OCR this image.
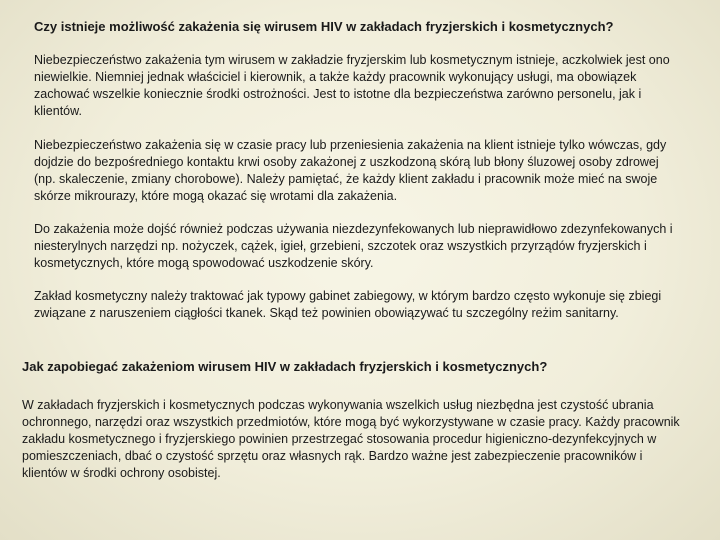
Czy istnieje możliwość zakażenia się wirusem HIV w zakładach fryzjerskich i kosmetycznych?

Niebezpieczeństwo zakażenia tym wirusem w zakładzie fryzjerskim lub kosmetycznym istnieje, aczkolwiek jest ono niewielkie. Niemniej jednak właściciel i kierownik, a także każdy pracownik wykonujący usługi, ma obowiązek zachować wszelkie koniecznie środki ostrożności. Jest to istotne dla bezpieczeństwa zarówno personelu, jak i klientów.

Niebezpieczeństwo zakażenia się w czasie pracy lub przeniesienia zakażenia na klient istnieje tylko wówczas, gdy dojdzie do bezpośredniego kontaktu krwi osoby zakażonej z uszkodzoną skórą lub błony śluzowej osoby zdrowej (np. skaleczenie, zmiany chorobowe). Należy pamiętać, że każdy klient zakładu i pracownik może mieć na swoje skórze mikrourazy, które mogą okazać się wrotami dla zakażenia.

Do zakażenia może dojść również podczas używania niezdezynfekowanych lub nieprawidłowo zdezynfekowanych i niesterylnych narzędzi np. nożyczek, cążek, igieł, grzebieni, szczotek oraz wszystkich przyrządów fryzjerskich i kosmetycznych, które mogą spowodować uszkodzenie skóry.

Zakład kosmetyczny należy traktować jak typowy gabinet zabiegowy, w którym bardzo często wykonuje się zbiegi związane z naruszeniem ciągłości tkanek. Skąd też powinien obowiązywać tu szczególny reżim sanitarny.

Jak zapobiegać zakażeniom wirusem HIV w zakładach fryzjerskich i kosmetycznych?

W zakładach fryzjerskich i kosmetycznych podczas wykonywania wszelkich usług niezbędna jest czystość ubrania ochronnego, narzędzi oraz wszystkich przedmiotów, które mogą być wykorzystywane w czasie pracy. Każdy pracownik zakładu kosmetycznego i fryzjerskiego powinien przestrzegać stosowania procedur higieniczno-dezynfekcyjnych w pomieszczeniach, dbać o czystość sprzętu oraz własnych rąk. Bardzo ważne jest zabezpieczenie pracowników i klientów w środki ochrony osobistej.
